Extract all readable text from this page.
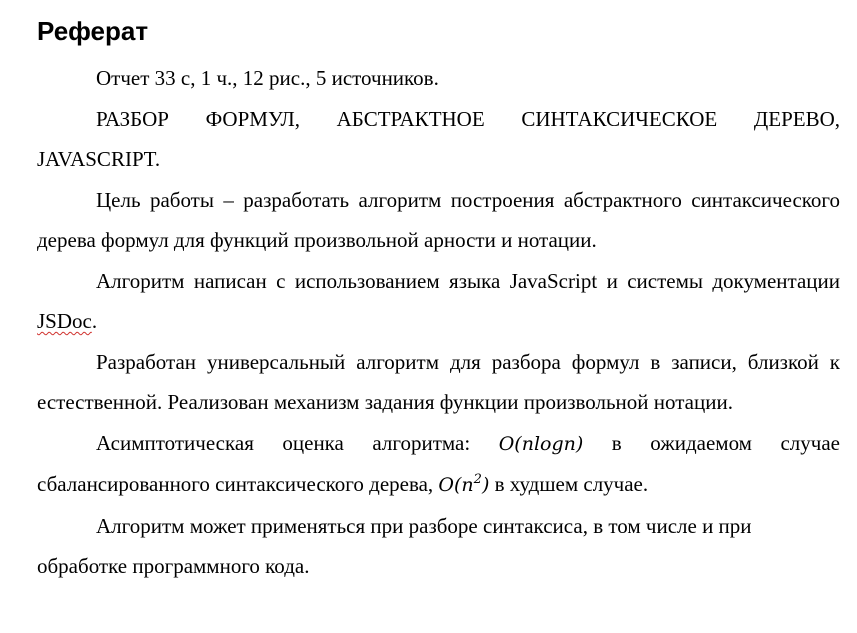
Реферат

Отчет 33 с, 1 ч., 12 рис., 5 источников.

РАЗБОР ФОРМУЛ, АБСТРАКТНОЕ СИНТАКСИЧЕСКОЕ ДЕРЕВО, JAVASCRIPT.

Цель работы – разработать алгоритм построения абстрактного синтаксического дерева формул для функций произвольной арности и нотации.

Алгоритм написан с использованием языка JavaScript и системы документации JSDoc.

Разработан универсальный алгоритм для разбора формул в записи, близкой к естественной. Реализован механизм задания функции произвольной нотации.

Асимптотическая оценка алгоритма: O(nlogn) в ожидаемом случае сбалансированного синтаксического дерева, $O(n^2)$ в худшем случае.

Алгоритм может применяться при разборе синтаксиса, в том числе и при обработке программного кода.
